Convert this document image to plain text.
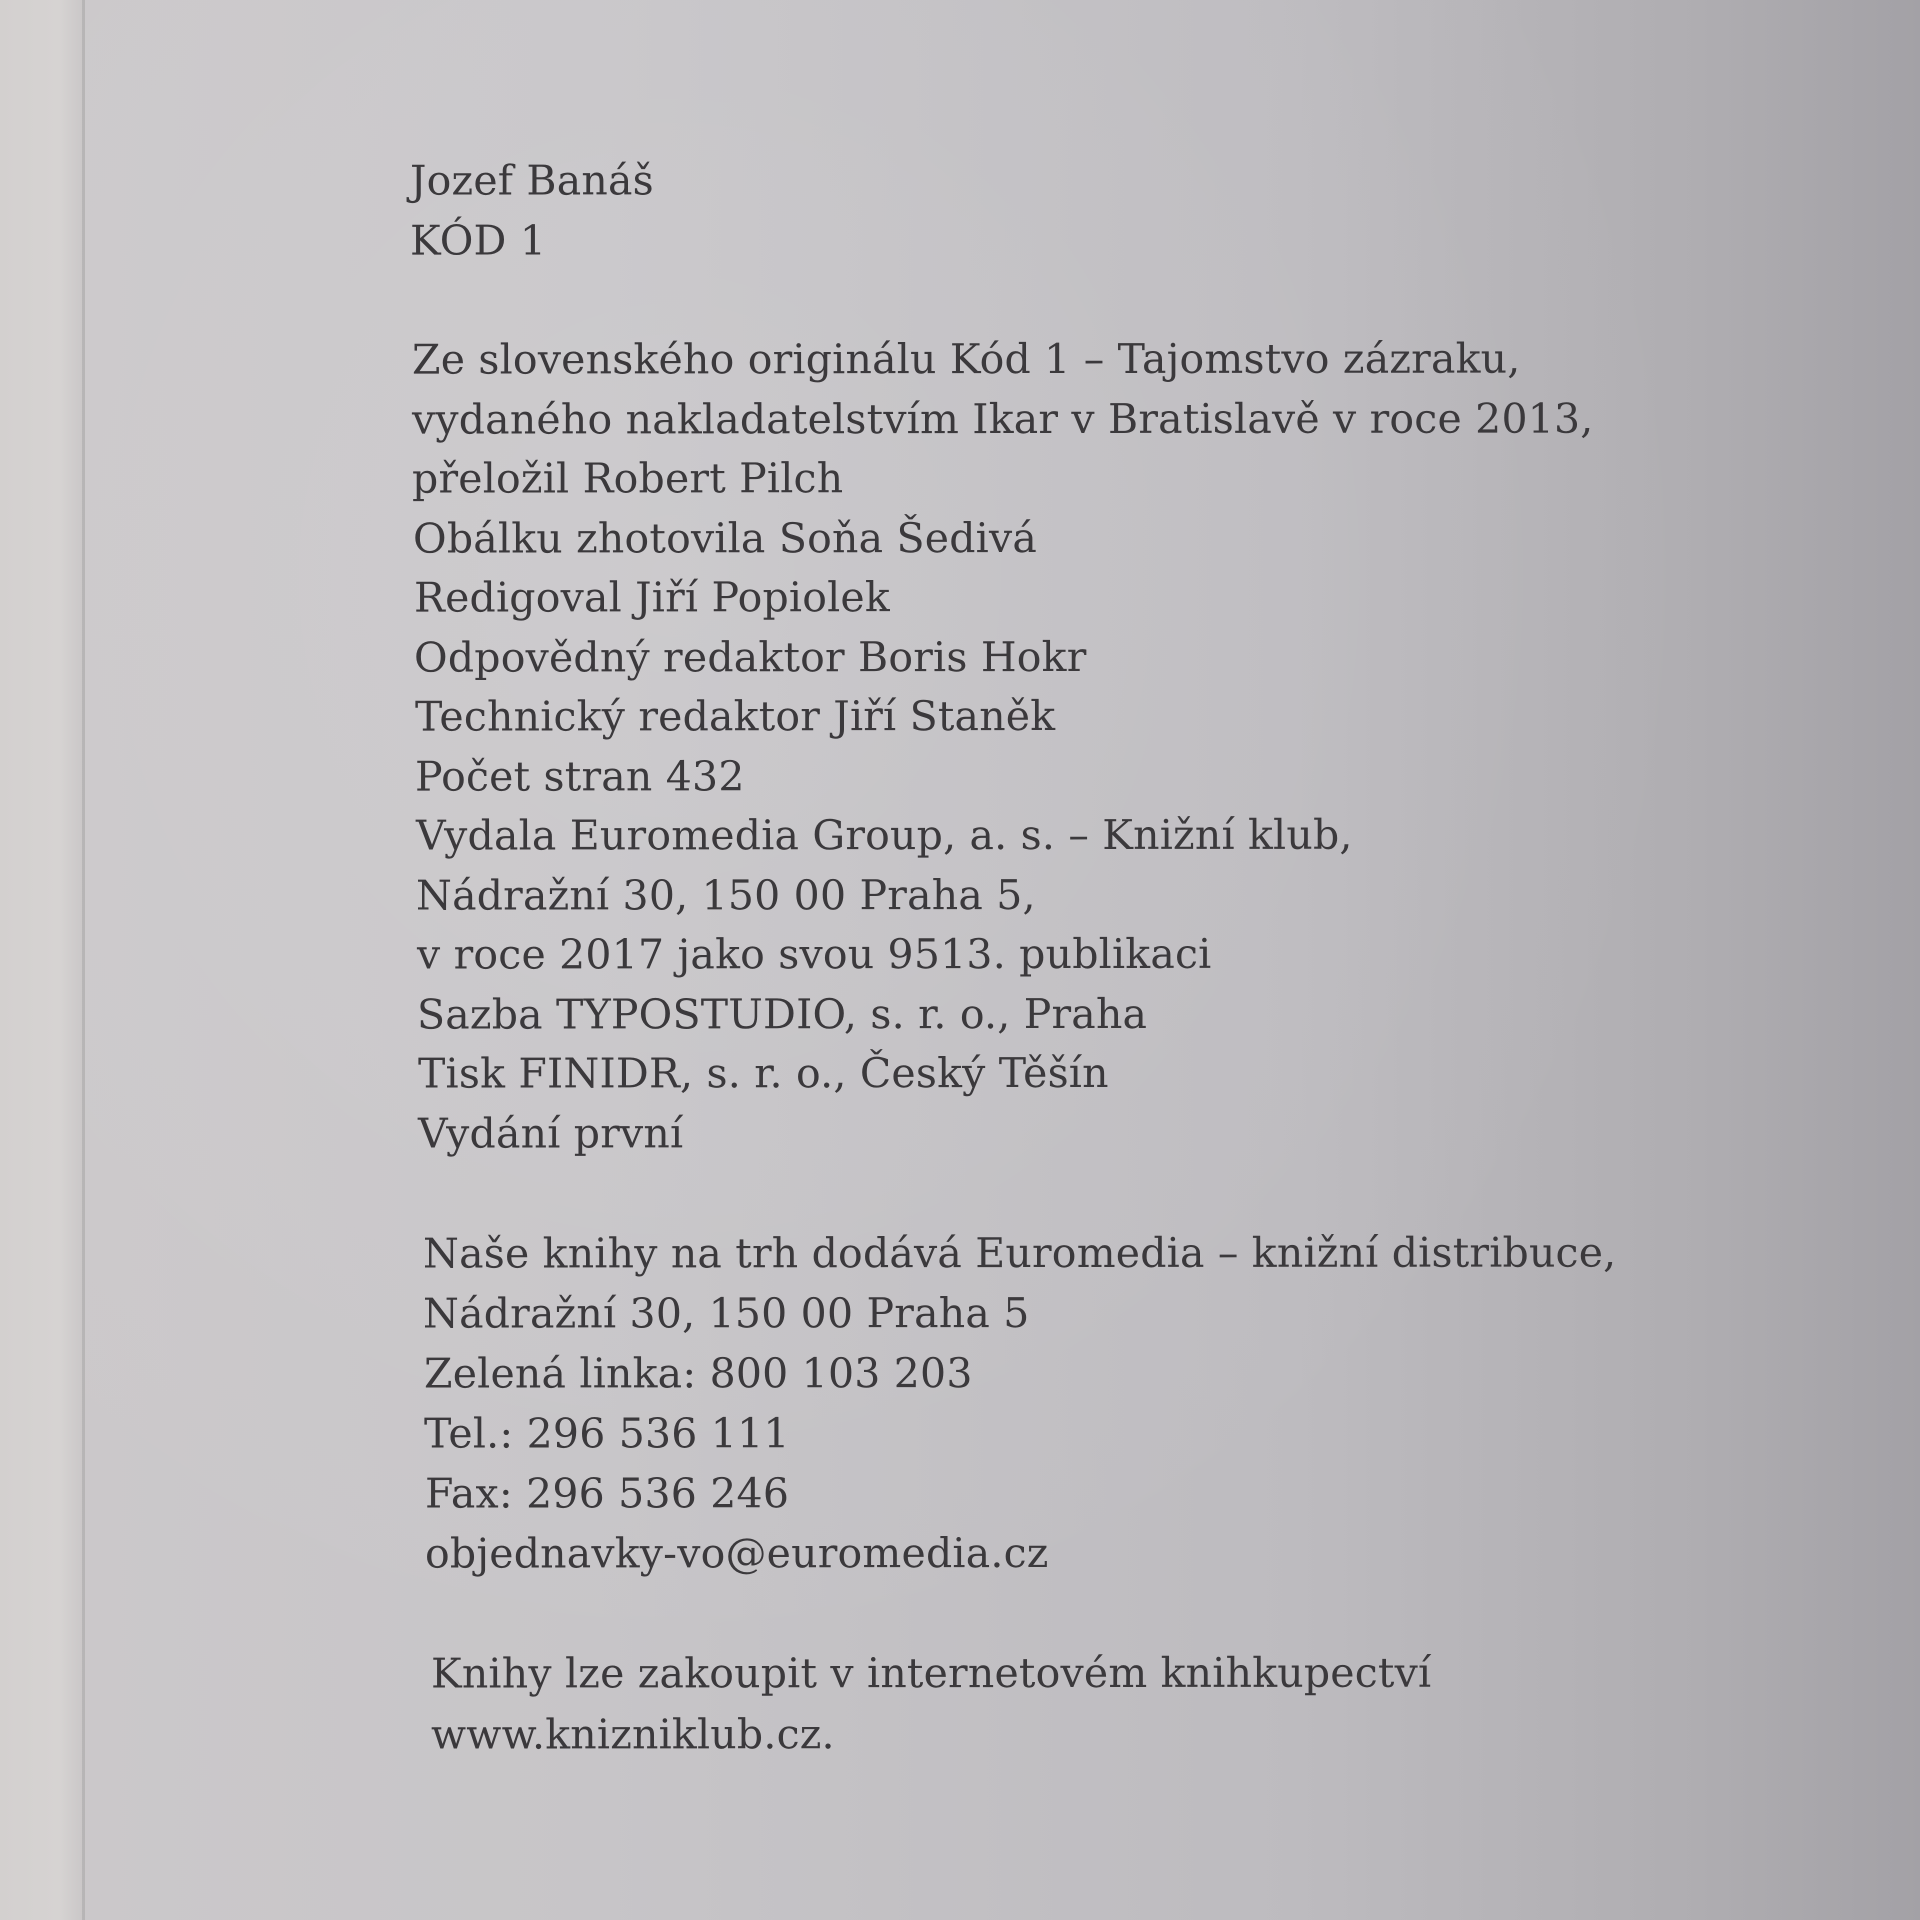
Jozef Banáš
KÓD 1
Ze slovenského originálu Kód 1 – Tajomstvo zázraku,
vydaného nakladatelstvím Ikar v Bratislavě v roce 2013,
přeložil Robert Pilch
Obálku zhotovila Soňa Šedivá
Redigoval Jiří Popiolek
Odpovědný redaktor Boris Hokr
Technický redaktor Jiří Staněk
Počet stran 432
Vydala Euromedia Group, a. s. – Knižní klub,
Nádražní 30, 150 00 Praha 5,
v roce 2017 jako svou 9513. publikaci
Sazba TYPOSTUDIO, s. r. o., Praha
Tisk FINIDR, s. r. o., Český Těšín
Vydání první
Naše knihy na trh dodává Euromedia – knižní distribuce,
Nádražní 30, 150 00 Praha 5
Zelená linka: 800 103 203
Tel.: 296 536 111
Fax: 296 536 246
objednavky-vo@euromedia.cz
Knihy lze zakoupit v internetovém knihkupectví
www.knizniklub.cz.
